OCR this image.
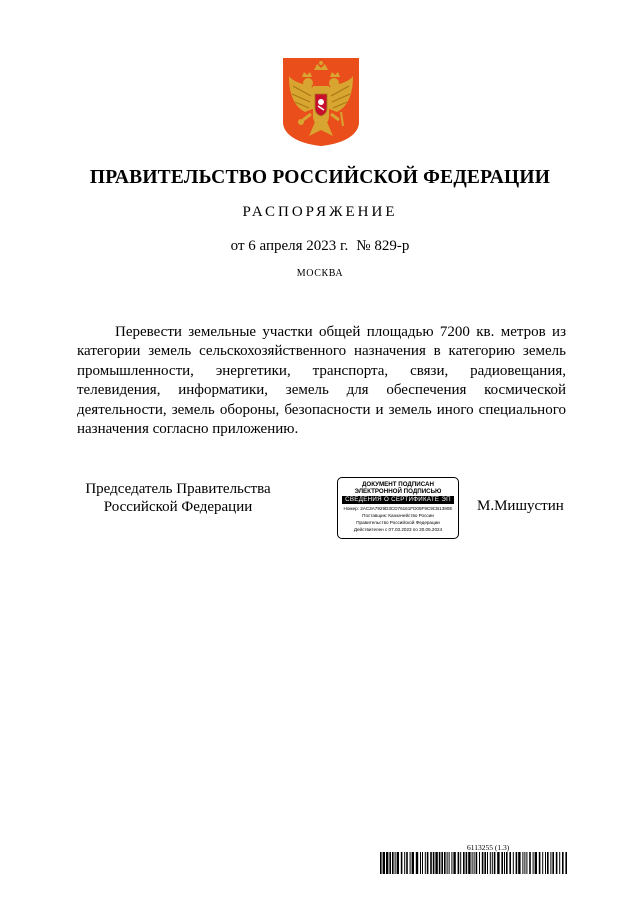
ПРАВИТЕЛЬСТВО РОССИЙСКОЙ ФЕДЕРАЦИИ
РАСПОРЯЖЕНИЕ
от 6 апреля 2023 г. № 829-р
МОСКВА

Перевести земельные участки общей площадью 7200 кв. метров из категории земель сельскохозяйственного назначения в категорию земель промышленности, энергетики, транспорта, связи, радиовещания, телевидения, информатики, земель для обеспечения космической деятельности, земель обороны, безопасности и земель иного специального назначения согласно приложению.

Председатель Правительства
Российской Федерации
ДОКУМЕНТ ПОДПИСАН
ЭЛЕКТРОННОЙ ПОДПИСЬЮ
СВЕДЕНИЯ О СЕРТИФИКАТЕ ЭП
Номер: 2AC3A7929D3CD76161FD05F9C9CB1390E
Поставщик: Казначейство России
Правительство Российской Федерации
Действителен с 07.03.2023 по 30.05.2024
М.Мишустин
6113255 (1.3)
